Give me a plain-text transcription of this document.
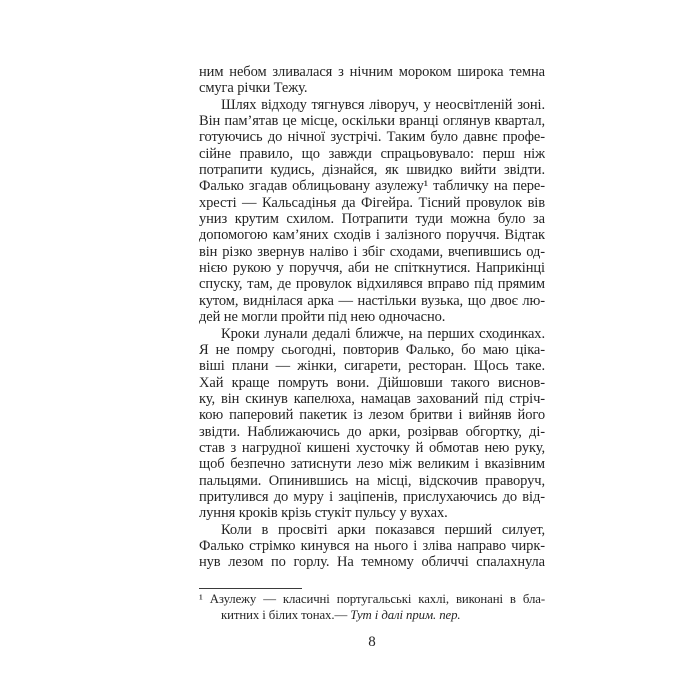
ним небом зливалася з нічним мороком широка темна
смуга річки Тежу.
Шлях відходу тягнувся ліворуч, у неосвітленій зоні.
Він пам’ятав це місце, оскільки вранці оглянув квартал,
готуючись до нічної зустрічі. Таким було давнє профе-
сійне правило, що завжди спрацьовувало: перш ніж
потрапити кудись, дізнайся, як швидко вийти звідти.
Фалько згадав облицьовану азулежу¹ табличку на пере-
хресті — Кальсадінья да Фігейра. Тісний провулок вів
униз крутим схилом. Потрапити туди можна було за
допомогою кам’яних сходів і залізного поруччя. Відтак
він різко звернув наліво і збіг сходами, вчепившись од-
нією рукою у поруччя, аби не спіткнутися. Наприкінці
спуску, там, де провулок відхилявся вправо під прямим
кутом, виднілася арка — настільки вузька, що двоє лю-
дей не могли пройти під нею одночасно.
Кроки лунали дедалі ближче, на перших сходинках.
Я не помру сьогодні, повторив Фалько, бо маю ціка-
віші плани — жінки, сигарети, ресторан. Щось таке.
Хай краще помруть вони. Дійшовши такого виснов-
ку, він скинув капелюха, намацав захований під стріч-
кою паперовий пакетик із лезом бритви і вийняв його
звідти. Наближаючись до арки, розірвав обгортку, ді-
став з нагрудної кишені хусточку й обмотав нею руку,
щоб безпечно затиснути лезо між великим і вказівним
пальцями. Опинившись на місці, відскочив праворуч,
притулився до муру і заціпенів, прислухаючись до від-
луння кроків крізь стукіт пульсу у вухах.
Коли в просвіті арки показався перший силует,
Фалько стрімко кинувся на нього і зліва направо чирк-
нув лезом по горлу. На темному обличчі спалахнула
¹ Азулежу — класичні португальські кахлі, виконані в бла-
китних і білих тонах.— Тут і далі прим. пер.
8
